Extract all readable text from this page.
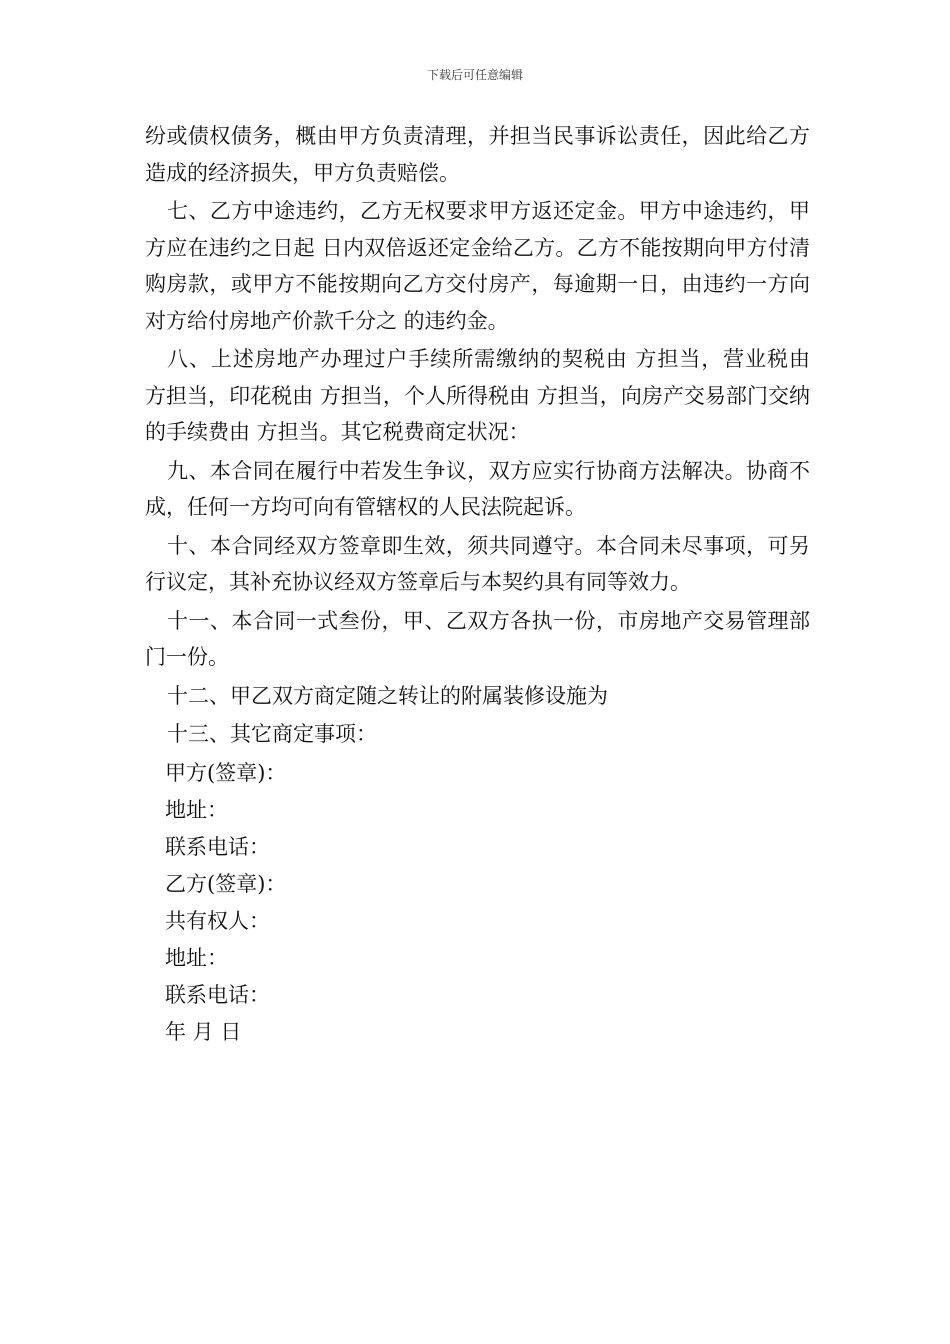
下载后可任意编辑

纷或债权债务，概由甲方负责清理，并担当民事诉讼责任，因此给乙方造成的经济损失，甲方负责赔偿。

七、乙方中途违约，乙方无权要求甲方返还定金。甲方中途违约，甲方应在违约之日起 日内双倍返还定金给乙方。乙方不能按期向甲方付清购房款，或甲方不能按期向乙方交付房产，每逾期一日，由违约一方向对方给付房地产价款千分之 的违约金。

八、上述房地产办理过户手续所需缴纳的契税由 方担当，营业税由 方担当，印花税由 方担当，个人所得税由 方担当，向房产交易部门交纳的手续费由 方担当。其它税费商定状况：

九、本合同在履行中若发生争议，双方应实行协商方法解决。协商不成，任何一方均可向有管辖权的人民法院起诉。

十、本合同经双方签章即生效，须共同遵守。本合同未尽事项，可另行议定，其补充协议经双方签章后与本契约具有同等效力。

十一、本合同一式叁份，甲、乙双方各执一份，市房地产交易管理部门一份。

十二、甲乙双方商定随之转让的附属装修设施为

十三、其它商定事项：

甲方(签章)：

地址：

联系电话：

乙方(签章)：

共有权人：

地址：

联系电话：

年 月 日
